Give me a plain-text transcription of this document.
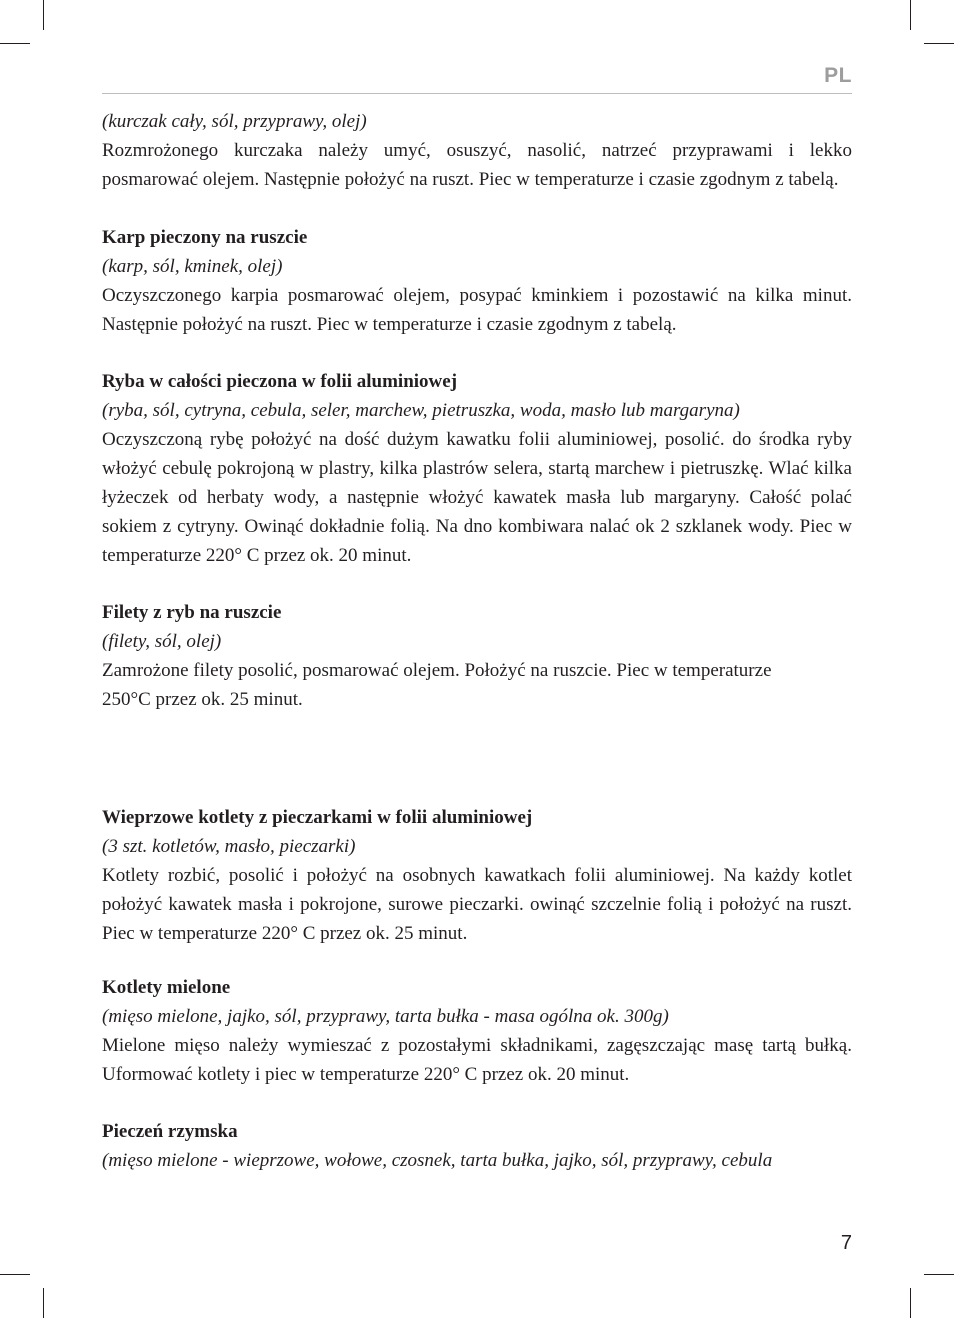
PL

(kurczak cały, sól, przyprawy, olej)

Rozmrożonego kurczaka należy umyć, osuszyć, nasolić, natrzeć przyprawami i lekko posmarować olejem. Następnie położyć na ruszt. Piec w temperaturze i czasie zgodnym z tabelą.

Karp pieczony na ruszcie

(karp, sól, kminek, olej)

Oczyszczonego karpia posmarować olejem, posypać kminkiem i pozostawić na kilka minut. Następnie położyć na ruszt. Piec w temperaturze i czasie zgodnym z tabelą.

Ryba w całości pieczona w folii aluminiowej

(ryba, sól, cytryna, cebula, seler, marchew, pietruszka, woda, masło lub margaryna)

Oczyszczoną rybę położyć na dość dużym kawatku folii aluminiowej, posolić. do środka ryby włożyć cebulę pokrojoną w plastry, kilka plastrów selera, startą marchew i pietruszkę. Wlać kilka łyżeczek od herbaty wody, a następnie włożyć kawatek masła lub margaryny. Całość polać sokiem z cytryny. Owinąć dokładnie folią. Na dno kombiwara nalać ok 2 szklanek wody. Piec w temperaturze 220° C przez ok. 20 minut.

Filety z ryb na ruszcie

(filety, sól, olej)

Zamrożone filety posolić, posmarować olejem. Położyć na ruszcie. Piec w temperaturze

250°C przez ok. 25 minut.

Wieprzowe kotlety z pieczarkami w folii aluminiowej

(3 szt. kotletów, masło, pieczarki)

Kotlety rozbić, posolić i położyć na osobnych kawatkach folii aluminiowej. Na każdy kotlet położyć kawatek masła i pokrojone, surowe pieczarki. owinąć szczelnie folią i położyć na ruszt. Piec w temperaturze 220° C przez ok. 25 minut.

Kotlety mielone

(mięso mielone, jajko, sól, przyprawy, tarta bułka - masa ogólna ok. 300g)

Mielone mięso należy wymieszać z pozostałymi składnikami, zagęszczając masę tartą bułką. Uformować kotlety i piec w temperaturze 220° C przez ok. 20 minut.

Pieczeń rzymska

(mięso mielone - wieprzowe, wołowe, czosnek, tarta bułka, jajko, sól, przyprawy, cebula

7
